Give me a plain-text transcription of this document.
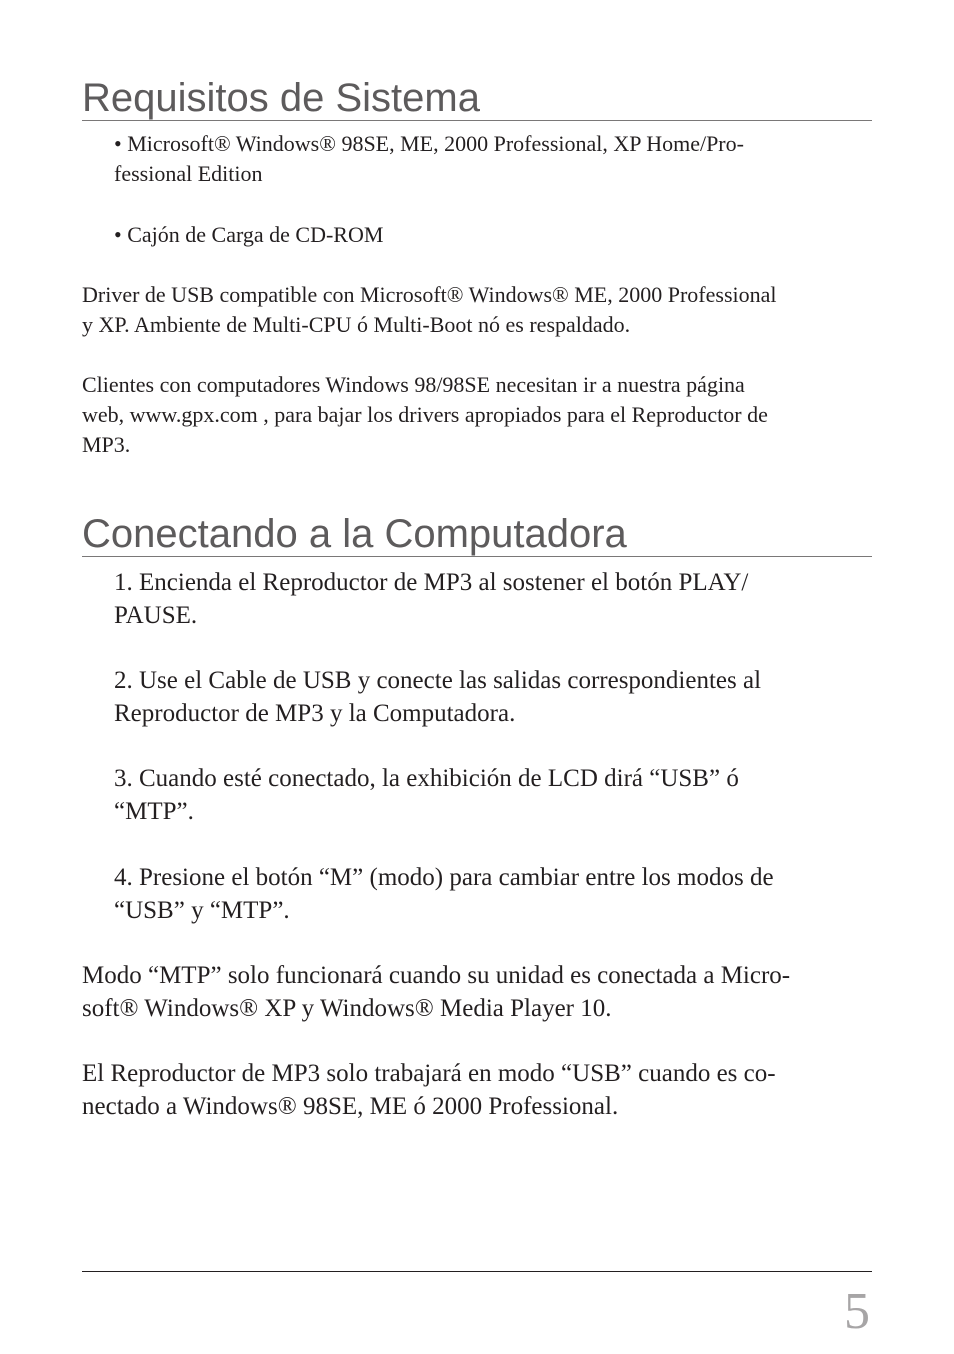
Requisitos de Sistema

• Microsoft® Windows® 98SE, ME, 2000 Professional, XP Home/Pro-
fessional Edition

• Cajón de Carga de CD-ROM

Driver de USB compatible con Microsoft® Windows® ME, 2000 Professional
y XP. Ambiente de Multi-CPU ó Multi-Boot nó es respaldado.

Clientes con computadores Windows 98/98SE necesitan ir a nuestra página
web, www.gpx.com , para bajar los drivers apropiados para el Reproductor de
MP3.

Conectando a la Computadora

1. Encienda el Reproductor de MP3 al sostener el botón PLAY/
PAUSE.

2. Use el Cable de USB y conecte las salidas correspondientes al
Reproductor de MP3 y la Computadora.

3. Cuando esté conectado, la exhibición de LCD dirá “USB” ó
“MTP”.

4. Presione el botón “M” (modo) para cambiar entre los modos de
“USB” y “MTP”.

Modo “MTP” solo funcionará cuando su unidad es conectada a Micro-
soft® Windows® XP y Windows® Media Player 10.

El Reproductor de MP3 solo trabajará en modo “USB” cuando es co-
nectado a Windows® 98SE, ME ó 2000 Professional.

5
